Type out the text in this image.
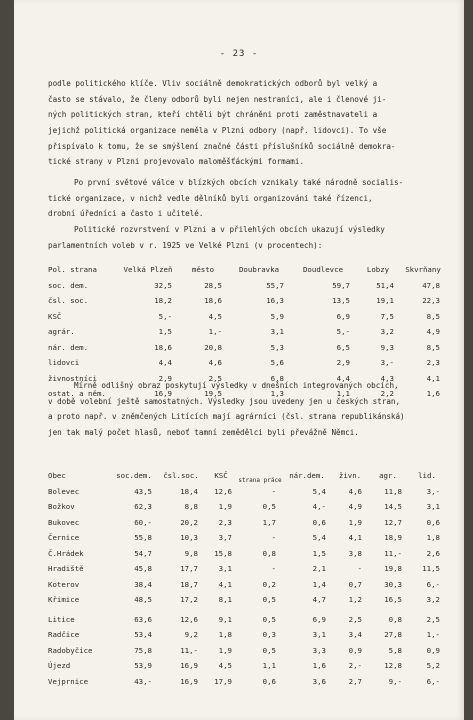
- 23 -
podle politického klíče. Vliv sociálně demokratických odborů byl velký a
často se stávalo, že členy odborů byli nejen nestraníci, ale i členové ji-
ných politických stran, kteří chtěli být chráněni proti zaměstnavateli a
jejichž politická organizace neměla v Plzni odbory (např. lidovci). To vše
přispívalo k tomu, že se smýšlení značné části příslušníků sociálně demokra-
tické strany v Plzni projevovalo maloměšťáckými formami.
Po první světové válce v blízkých obcích vznikaly také národně socialis-
tické organizace, v nichž vedle dělníků byli organizováni také řízenci,
drobní úředníci a často i učitelé.
Politické rozvrstvení v Plzni a v přilehlých obcích ukazují výsledky
parlamentních voleb v r. 1925 ve Velké Plzni (v procentech):
Pol. strana	Velká Plzeň	město	Doubravka	Doudlevce	Lobzy	Skvrňany
soc. dem.	32,5	28,5	55,7	59,7	51,4	47,8
čsl. soc.	18,2	18,6	16,3	13,5	19,1	22,3
KSČ	5,-	4,5	5,9	6,9	7,5	8,5
agrár.	1,5	1,-	3,1	5,-	3,2	4,9
nár. dem.	18,6	20,8	5,3	6,5	9,3	8,5
lidovci	4,4	4,6	5,6	2,9	3,-	2,3
živnostníci	2,9	2,5	6,8	4,4	4,3	4,1
ostat. a něm.	16,9	19,5	1,3	1,1	2,2	1,6
Mírně odlišný obraz poskytují výsledky v dnešních integrovaných obcích,
v době volební ještě samostatných. Výsledky jsou uvedeny jen u českých stran,
a proto např. v zněmčených Litících mají agrárníci (čsl. strana republikánská)
jen tak malý počet hlasů, neboť tamní zemědělci byli převážně Němci.
Obec	soc.dem.	čsl.soc.	KSČ	strana práce	nár.dem.	živn.	agr.	lid.
Bolevec	43,5	18,4	12,6	-	5,4	4,6	11,8	3,-
Božkov	62,3	8,8	1,9	0,5	4,-	4,9	14,5	3,1
Bukovec	60,-	20,2	2,3	1,7	0,6	1,9	12,7	0,6
Černice	55,8	10,3	3,7	-	5,4	4,1	18,9	1,8
Č.Hrádek	54,7	9,8	15,8	0,8	1,5	3,8	11,-	2,6
Hradiště	45,8	17,7	3,1	-	2,1	-	19,8	11,5
Koterov	38,4	18,7	4,1	0,2	1,4	0,7	30,3	6,-
Křimice	48,5	17,2	8,1	0,5	4,7	1,2	16,5	3,2
Litice	63,6	12,6	9,1	0,5	6,9	2,5	0,8	2,5
Radčice	53,4	9,2	1,8	0,3	3,1	3,4	27,8	1,-
Radobyčice	75,8	11,-	1,9	0,5	3,3	0,9	5,8	0,9
Újezd	53,9	16,9	4,5	1,1	1,6	2,-	12,8	5,2
Vejprnice	43,-	16,9	17,9	0,6	3,6	2,7	9,-	6,-
